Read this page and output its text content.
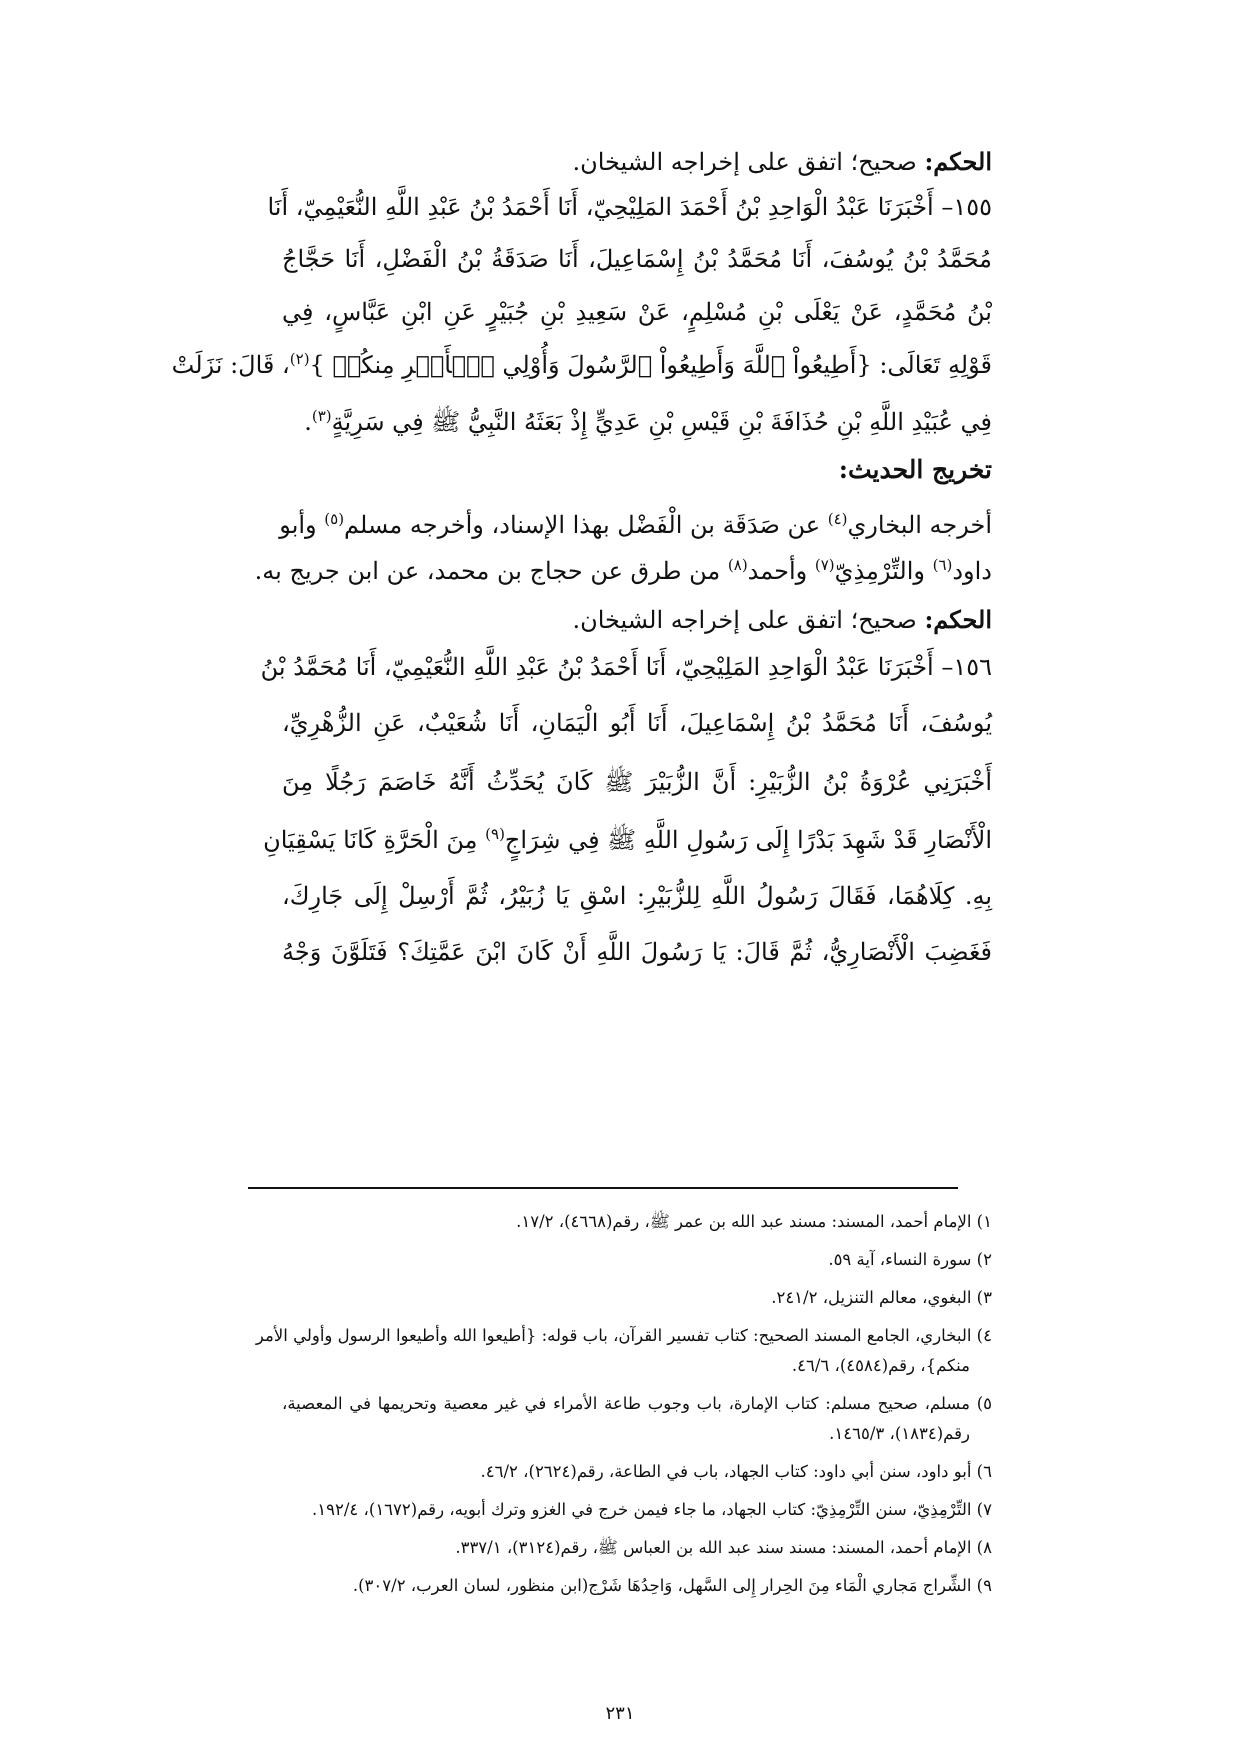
الحكم: صحيح؛ اتفق على إخراجه الشيخان.
١٥٥– أَخْبَرَنَا عَبْدُ الْوَاحِدِ بْنُ أَحْمَدَ المَلِيْحِيّ، أَنَا أَحْمَدُ بْنُ عَبْدِ اللَّهِ النُّعَيْمِيّ، أَنَا
مُحَمَّدُ بْنُ يُوسُفَ، أَنَا مُحَمَّدُ بْنُ إِسْمَاعِيلَ، أَنَا صَدَقَةُ بْنُ الْفَضْلِ، أَنَا حَجَّاجُ
بْنُ مُحَمَّدٍ، عَنْ يَعْلَى بْنِ مُسْلِمٍ، عَنْ سَعِيدِ بْنِ جُبَيْرٍ عَنِ ابْنِ عَبَّاسٍ، فِي
قَوْلِهِ تَعَالَى: {أَطِيعُواْ ٱللَّهَ وَأَطِيعُواْ ٱلرَّسُولَ وَأُوْلِي ٱلۡأَمۡرِ مِنكُمۡ }$^{(٢)}$، قَالَ: نَزَلَتْ
فِي عُبَيْدِ اللَّهِ بْنِ حُذَافَةَ بْنِ قَيْسِ بْنِ عَدِيٍّ إِذْ بَعَثَهُ النَّبِيُّ ﷺ فِي سَرِيَّةٍ$^{(٣)}$.
تخريج الحديث:
أخرجه البخاري$^{(٤)}$ عن صَدَقَة بن الْفَضْل بهذا الإسناد، وأخرجه مسلم$^{(٥)}$ وأبو
داود$^{(٦)}$ والتِّرْمِذِيّ$^{(٧)}$ وأحمد$^{(٨)}$ من طرق عن حجاج بن محمد، عن ابن جريج به.
الحكم: صحيح؛ اتفق على إخراجه الشيخان.
١٥٦– أَخْبَرَنَا عَبْدُ الْوَاحِدِ المَلِيْحِيّ، أَنَا أَحْمَدُ بْنُ عَبْدِ اللَّهِ النُّعَيْمِيّ، أَنَا مُحَمَّدُ بْنُ
يُوسُفَ، أَنَا مُحَمَّدُ بْنُ إِسْمَاعِيلَ، أَنَا أَبُو الْيَمَانِ، أَنَا شُعَيْبٌ، عَنِ الزُّهْرِيِّ،
أَخْبَرَنِي عُرْوَةُ بْنُ الزُّبَيْرِ: أَنَّ الزُّبَيْرَ ﷺ كَانَ يُحَدِّثُ أَنَّهُ خَاصَمَ رَجُلًا مِنَ
الْأَنْصَارِ قَدْ شَهِدَ بَدْرًا إِلَى رَسُولِ اللَّهِ ﷺ فِي شِرَاجٍ$^{(٩)}$ مِنَ الْحَرَّةِ كَانَا يَسْقِيَانِ
بِهِ. كِلَاهُمَا، فَقَالَ رَسُولُ اللَّهِ لِلزُّبَيْرِ: اسْقِ يَا زُبَيْرُ، ثُمَّ أَرْسِلْ إِلَى جَارِكَ،
فَغَضِبَ الْأَنْصَارِيُّ، ثُمَّ قَالَ: يَا رَسُولَ اللَّهِ أَنْ كَانَ ابْنَ عَمَّتِكَ؟ فَتَلَوَّنَ وَجْهُ
١) الإمام أحمد، المسند: مسند عبد الله بن عمر ﷺ، رقم(٤٦٦٨)، ١٧/٢.
٢) سورة النساء، آية ٥٩.
٣) البغوي، معالم التنزيل، ٢٤١/٢.
٤) البخاري، الجامع المسند الصحيح: كتاب تفسير القرآن، باب قوله: {أطيعوا الله وأطيعوا الرسول وأولي الأمر
منكم}، رقم(٤٥٨٤)، ٤٦/٦.
٥) مسلم، صحيح مسلم: كتاب الإمارة، باب وجوب طاعة الأمراء في غير معصية وتحريمها في المعصية،
رقم(١٨٣٤)، ١٤٦٥/٣.
٦) أبو داود، سنن أبي داود: كتاب الجهاد، باب في الطاعة، رقم(٢٦٢٤)، ٤٦/٢.
٧) التِّرْمِذِيّ، سنن التِّرْمِذِيّ: كتاب الجهاد، ما جاء فيمن خرج في الغزو وترك أبويه، رقم(١٦٧٢)، ١٩٢/٤.
٨) الإمام أحمد، المسند: مسند سند عبد الله بن العباس ﷺ، رقم(٣١٢٤)، ٣٣٧/١.
٩) الشِّراج مَجاري الْمَاء مِنَ الحِرار إِلى السَّهل، وَاحِدُهَا شَرْج(ابن منظور، لسان العرب، ٣٠٧/٢).
٢٣١
